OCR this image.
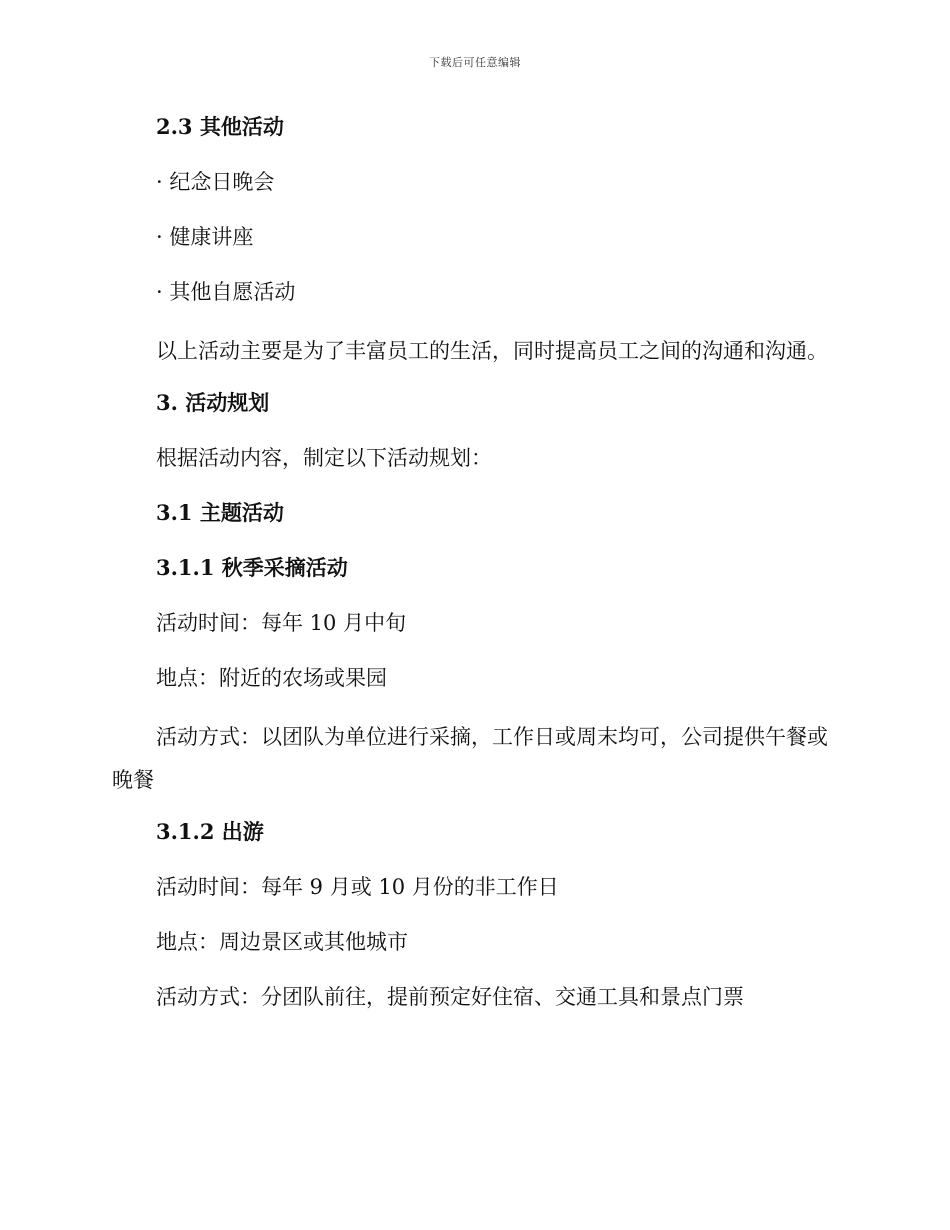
下载后可任意编辑

2.3 其他活动

· 纪念日晚会

· 健康讲座

· 其他自愿活动

以上活动主要是为了丰富员工的生活，同时提高员工之间的沟通和沟通。

3. 活动规划

根据活动内容，制定以下活动规划：

3.1 主题活动

3.1.1 秋季采摘活动

活动时间：每年 10 月中旬

地点：附近的农场或果园

活动方式：以团队为单位进行采摘，工作日或周末均可，公司提供午餐或晚餐

3.1.2 出游

活动时间：每年 9 月或 10 月份的非工作日

地点：周边景区或其他城市

活动方式：分团队前往，提前预定好住宿、交通工具和景点门票
